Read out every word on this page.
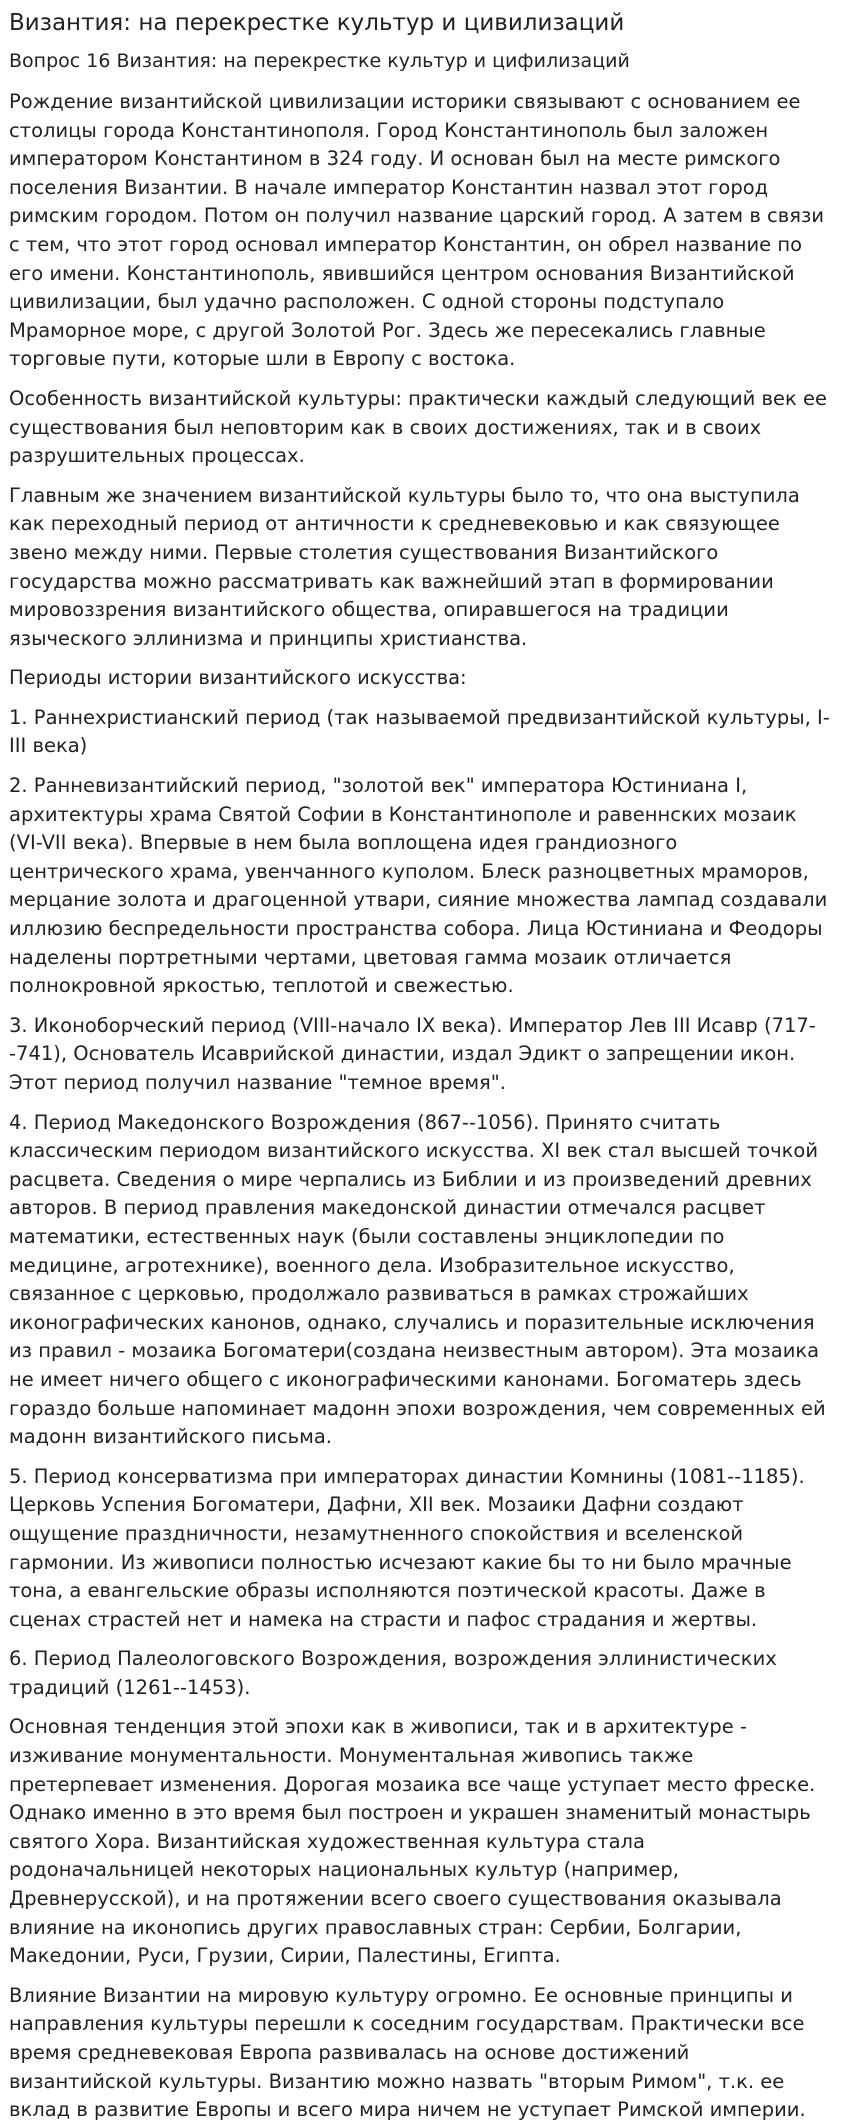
Византия: на перекрестке культур и цивилизаций
Вопрос 16 Византия: на перекрестке культур и цифилизаций

Рождение византийской цивилизации историки связывают с основанием ее столицы города Константинополя. Город Константинополь был заложен императором Константином в 324 году. И основан был на месте римского поселения Византии. В начале император Константин назвал этот город римским городом. Потом он получил название царский город. А затем в связи с тем, что этот город основал император Константин, он обрел название по его имени. Константинополь, явившийся центром основания Византийской цивилизации, был удачно расположен. С одной стороны подступало Мраморное море, с другой Золотой Рог. Здесь же пересекались главные торговые пути, которые шли в Европу с востока.

Особенность византийской культуры: практически каждый следующий век ее существования был неповторим как в своих достижениях, так и в своих разрушительных процессах.

Главным же значением византийской культуры было то, что она выступила как переходный период от античности к средневековью и как связующее звено между ними. Первые столетия существования Византийского государства можно рассматривать как важнейший этап в формировании мировоззрения византийского общества, опиравшегося на традиции языческого эллинизма и принципы христианства.

Периоды истории византийского искусства:

1. Раннехристианский период (так называемой предвизантийской культуры, I-III века)

2. Ранневизантийский период, "золотой век" императора Юстиниана I, архитектуры храма Святой Софии в Константинополе и равеннских мозаик (VI-VII века). Впервые в нем была воплощена идея грандиозного центрического храма, увенчанного куполом. Блеск разноцветных мраморов, мерцание золота и драгоценной утвари, сияние множества лампад создавали иллюзию беспредельности пространства собора. Лица Юстиниана и Феодоры наделены портретными чертами, цветовая гамма мозаик отличается полнокровной яркостью, теплотой и свежестью.

3. Иконоборческий период (VIII-начало IX века). Император Лев III Исавр (717--741), Основатель Исаврийской династии, издал Эдикт о запрещении икон. Этот период получил название "темное время".

4. Период Македонского Возрождения (867--1056). Принято считать классическим периодом византийского искусства. XI век стал высшей точкой расцвета. Сведения о мире черпались из Библии и из произведений древних авторов. В период правления македонской династии отмечался расцвет математики, естественных наук (были составлены энциклопедии по медицине, агротехнике), военного дела. Изобразительное искусство, связанное с церковью, продолжало развиваться в рамках строжайших иконографических канонов, однако, случались и поразительные исключения из правил - мозаика Богоматери(создана неизвестным автором). Эта мозаика не имеет ничего общего с иконографическими канонами. Богоматерь здесь гораздо больше напоминает мадонн эпохи возрождения, чем современных ей мадонн византийского письма.

5. Период консерватизма при императорах династии Комнины (1081--1185). Церковь Успения Богоматери, Дафни, XII век. Мозаики Дафни создают ощущение праздничности, незамутненного спокойствия и вселенской гармонии. Из живописи полностью исчезают какие бы то ни было мрачные тона, а евангельские образы исполняются поэтической красоты. Даже в сценах страстей нет и намека на страсти и пафос страдания и жертвы.

6. Период Палеологовского Возрождения, возрождения эллинистических традиций (1261--1453).

Основная тенденция этой эпохи как в живописи, так и в архитектуре - изживание монументальности. Монументальная живопись также претерпевает изменения. Дорогая мозаика все чаще уступает место фреске. Однако именно в это время был построен и украшен знаменитый монастырь святого Хора. Византийская художественная культура стала родоначальницей некоторых национальных культур (например, Древнерусской), и на протяжении всего своего существования оказывала влияние на иконопись других православных стран: Сербии, Болгарии, Македонии, Руси, Грузии, Сирии, Палестины, Египта.

Влияние Византии на мировую культуру огромно. Ее основные принципы и направления культуры перешли к соседним государствам. Практически все время средневековая Европа развивалась на основе достижений византийской культуры. Византию можно назвать "вторым Римом", т.к. ее вклад в развитие Европы и всего мира ничем не уступает Римской империи.
